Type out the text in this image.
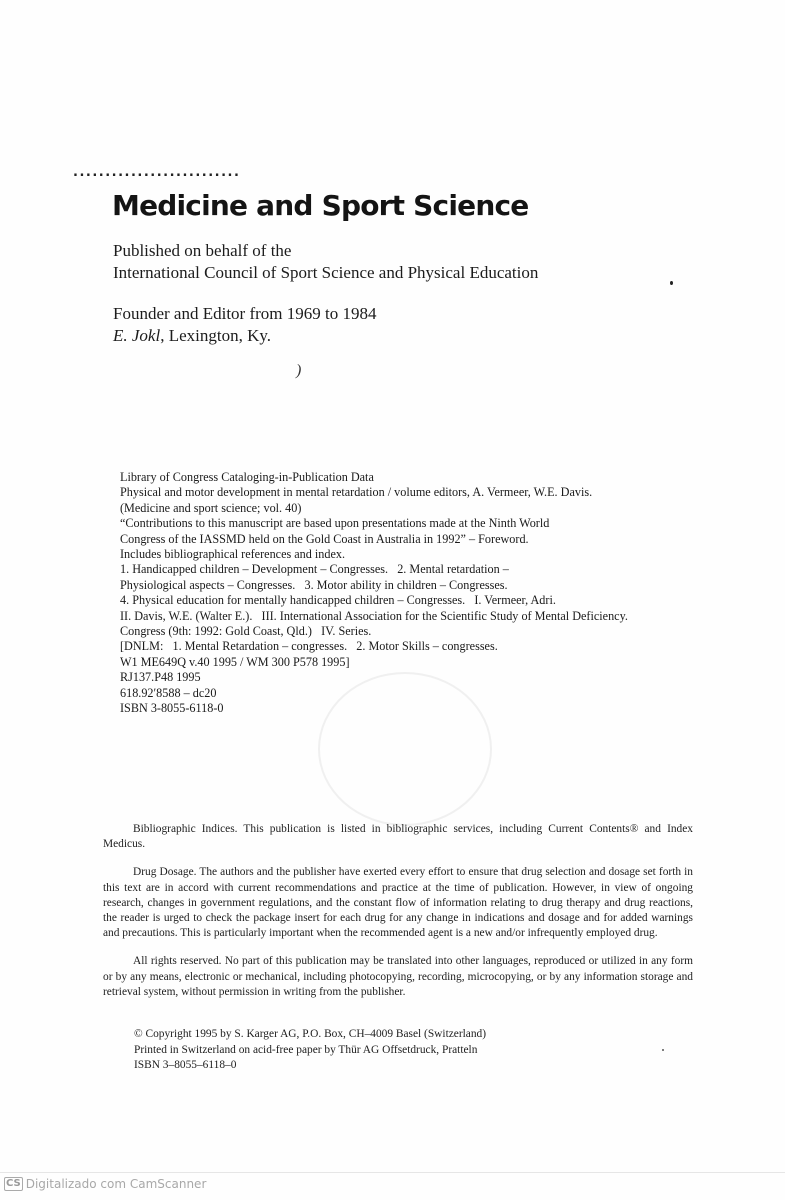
..........................
Medicine and Sport Science
Published on behalf of the
International Council of Sport Science and Physical Education
Founder and Editor from 1969 to 1984
E. Jokl, Lexington, Ky.
)
Library of Congress Cataloging-in-Publication Data
Physical and motor development in mental retardation / volume editors, A. Vermeer, W.E. Davis.
(Medicine and sport science; vol. 40)
“Contributions to this manuscript are based upon presentations made at the Ninth World
Congress of the IASSMD held on the Gold Coast in Australia in 1992” – Foreword.
Includes bibliographical references and index.
1. Handicapped children – Development – Congresses.   2. Mental retardation –
Physiological aspects – Congresses.   3. Motor ability in children – Congresses.
4. Physical education for mentally handicapped children – Congresses.   I. Vermeer, Adri.
II. Davis, W.E. (Walter E.).   III. International Association for the Scientific Study of Mental Deficiency.
Congress (9th: 1992: Gold Coast, Qld.)   IV. Series.
[DNLM:   1. Mental Retardation – congresses.   2. Motor Skills – congresses.
W1 ME649Q v.40 1995 / WM 300 P578 1995]
RJ137.P48 1995
618.92′8588 – dc20
ISBN 3-8055-6118-0

Bibliographic Indices. This publication is listed in bibliographic services, including Current Contents® and Index Medicus.

Drug Dosage. The authors and the publisher have exerted every effort to ensure that drug selection and dosage set forth in this text are in accord with current recommendations and practice at the time of publication. However, in view of ongoing research, changes in government regulations, and the constant flow of information relating to drug therapy and drug reactions, the reader is urged to check the package insert for each drug for any change in indications and dosage and for added warnings and precautions. This is particularly important when the recommended agent is a new and/or infrequently employed drug.

All rights reserved. No part of this publication may be translated into other languages, reproduced or utilized in any form or by any means, electronic or mechanical, including photocopying, recording, microcopying, or by any information storage and retrieval system, without permission in writing from the publisher.

© Copyright 1995 by S. Karger AG, P.O. Box, CH–4009 Basel (Switzerland)
Printed in Switzerland on acid-free paper by Thür AG Offsetdruck, Pratteln
ISBN 3–8055–6118–0
CS Digitalizado com CamScanner
